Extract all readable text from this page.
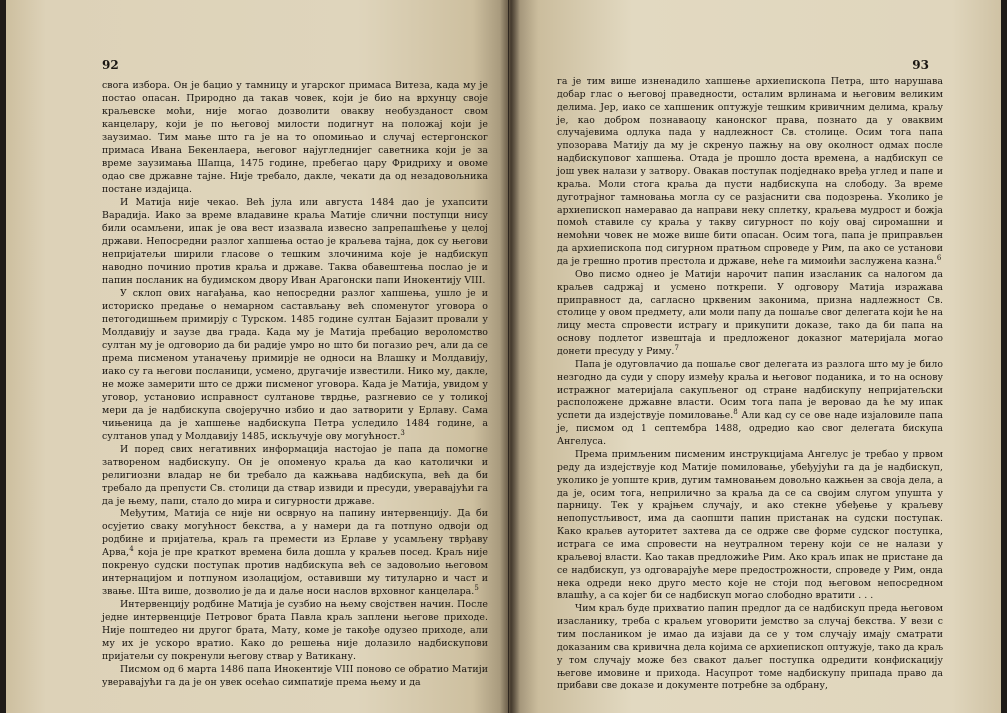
92

свога избора. Он је бацио у тамницу и угарског примаса Витеза, када му је постао опасан. Природно да такав човек, који је био на врхунцу своје краљевске моћи, није могао дозволити овакву необузданост свом канцелару, који је по његовој милости подигнут на положај који је заузимао. Тим мање што га је на то опомињао и случај естергонског примаса Ивана Бекенлаера, његовог најугледнијег саветника који је за време заузимања Шапца, 1475 године, пребегао цару Фридриху и овоме одао све државне тајне. Није требало, дакле, чекати да од незадовољника постане издајица.

И Матија није чекао. Већ јула или августа 1484 дао је ухапсити Варадија. Иако за време владавине краља Матије слични поступци нису били осамљени, ипак је ова вест изазвала извесно запрепашћење у целој држави. Непосредни разлог хапшења остао је краљева тајна, док су његови непријатељи ширили гласове о тешким злочинима које је надбискуп наводно починио против краља и државе. Таква обавештења послао је и папин посланик на будимском двору Иван Арагонски папи Инокентију VIII.

У склоп ових нагађања, као непосредни разлог хапшења, ушло је и историско предање о немарном састављању већ споменутог уговора о петогодишњем примирју с Турском. 1485 године султан Бајазит провали у Молдавију и заузе два града. Када му је Матија пребацио вероломство султан му је одговорио да би радије умро но што би погазио реч, али да се према писменом утаначењу примирје не односи на Влашку и Молдавију, иако су га његови посланици, усмено, другачије известили. Нико му, дакле, не може замерити што се држи писменог уговора. Када је Матија, увидом у уговор, установио исправност султанове тврдње, разгневио се у толикој мери да је надбискупа својеручно избио и дао затворити у Ерлаву. Сама чињеница да је хапшење надбискупа Петра уследило 1484 године, а султанов упад у Молдавију 1485, искључује ову могућност.$^3$

И поред свих негативних информација настојао је папа да помогне затвореном надбискупу. Он је опоменуо краља да као католички и религиозни владар не би требало да кажњава надбискупа, већ да би требало да препусти Св. столици да ствар извиди и пресуди, уверавајући га да је њему, папи, стало до мира и сигурности државе.

Међутим, Матија се није ни осврнуо на папину интервенцију. Да би осујетио сваку могућност бекства, а у намери да га потпуно одвоји од родбине и пријатеља, краљ га премести из Ерлаве у усамљену тврђаву Арва,$^4$ која је пре краткот времена била дошла у краљев посед. Краљ није покренуо судски поступак против надбискупа већ се задовољио његовом интернацијом и потпуном изолацијом, оставивши му титуларно и част и звање. Шта више, дозволио је да и даље носи наслов врховног канцелара.$^5$

Интервенцију родбине Матија је сузбио на њему својствен начин. После једне интервенције Петровог брата Павла краљ заплени његове приходе. Није поштедео ни другог брата, Мату, коме је такође одузео приходе, али му их је ускоро вратио. Како до решења није долазило надбискупови пријатељи су покренули његову ствар у Ватикану.

Писмом од 6 марта 1486 папа Инокентије VIII поново се обратио Матији уверавајући га да је он увек осећао симпатије према њему и да

93

га је тим више изненадило хапшење архиепископа Петра, што нарушава добар глас о његовој праведности, осталим врлинама и његовим великим делима. Јер, иако се хапшеник оптужује тешким кривичним делима, краљу је, као добром познаваоцу канонског права, познато да у оваквим случајевима одлука пада у надлежност Св. столице. Осим тога папа упозорава Матију да му је скренуо пажњу на ову околност одмах после надбискуповог хапшења. Отада је прошло доста времена, а надбискуп се још увек налази у затвору. Овакав поступак подједнако вређа углед и папе и краља. Моли стога краља да пусти надбискупа на слободу. За време дуготрајног тамновања могла су се разјаснити сва подозрења. Уколико је архиепископ намеравао да направи неку сплетку, краљева мудрост и божја помоћ ставиле су краља у такву сигурност по коју овај сиромашни и немоћни човек не може више бити опасан. Осим тога, папа је приправљен да архиепископа под сигурном пратњом спроведе у Рим, па ако се установи да је грешно против престола и државе, неће га мимоићи заслужена казна.$^6$

Ово писмо однео је Матији нарочит папин изасланик са налогом да краљев садржај и усмено поткрепи. У одговору Матија изражава приправност да, сагласно црквеним законима, призна надлежност Св. столице у овом предмету, али моли папу да пошаље свог делегата који ће на лицу места спровести истрагу и прикупити доказе, тако да би папа на основу подлетог извештаја и предложеног доказног материјала могао донети пресуду у Риму.$^7$

Папа је одуговлачио да пошаље свог делегата из разлога што му је било незгодно да суди у спору између краља и његовог поданика, и то на основу истражног материјала сакупљеног од стране надбискупу непријатељски расположене државне власти. Осим тога папа је веровао да ће му ипак успети да издејствује помиловање.$^8$ Али кад су се ове наде изјаловиле папа је, писмом од 1 септембра 1488, одредио као свог делегата бискупа Ангелуса.

Према примљеним писменим инструкцијама Ангелус је требао у првом реду да издејствује код Матије помиловање, убеђујући га да је надбискуп, уколико је уопште крив, дугим тамновањем довољно кажњен за своја дела, а да је, осим тога, неприлично за краља да се са својим слугом упушта у парницу. Тек у крајњем случају, и ако стекне убеђење у краљеву непопустљивост, има да саопшти папин пристанак на судски поступак. Како краљев ауторитет захтева да се одрже све форме судског поступка, истрага се има спровести на неутралном терену који се не налази у краљевој власти. Као такав предложиће Рим. Ако краљ ипак не пристане да се надбискуп, уз одговарајуће мере предострожности, спроведе у Рим, онда нека одреди неко друго место које не стоји под његовом непосредном влашћу, а са којег би се надбискуп могао слободно вратити . . .

Чим краљ буде прихватио папин предлог да се надбискуп преда његовом изасланику, треба с краљем уговорити јемство за случај бекства. У вези с тим послаником је имао да изјави да се у том случају имају сматрати доказаним сва кривична дела којима се архиепископ оптужује, тако да краљ у том случају може без свакот даљег поступка одредити конфискацију његове имовине и прихода. Насупрот томе надбискупу припада право да прибави све доказе и документе потребне за одбрану,
